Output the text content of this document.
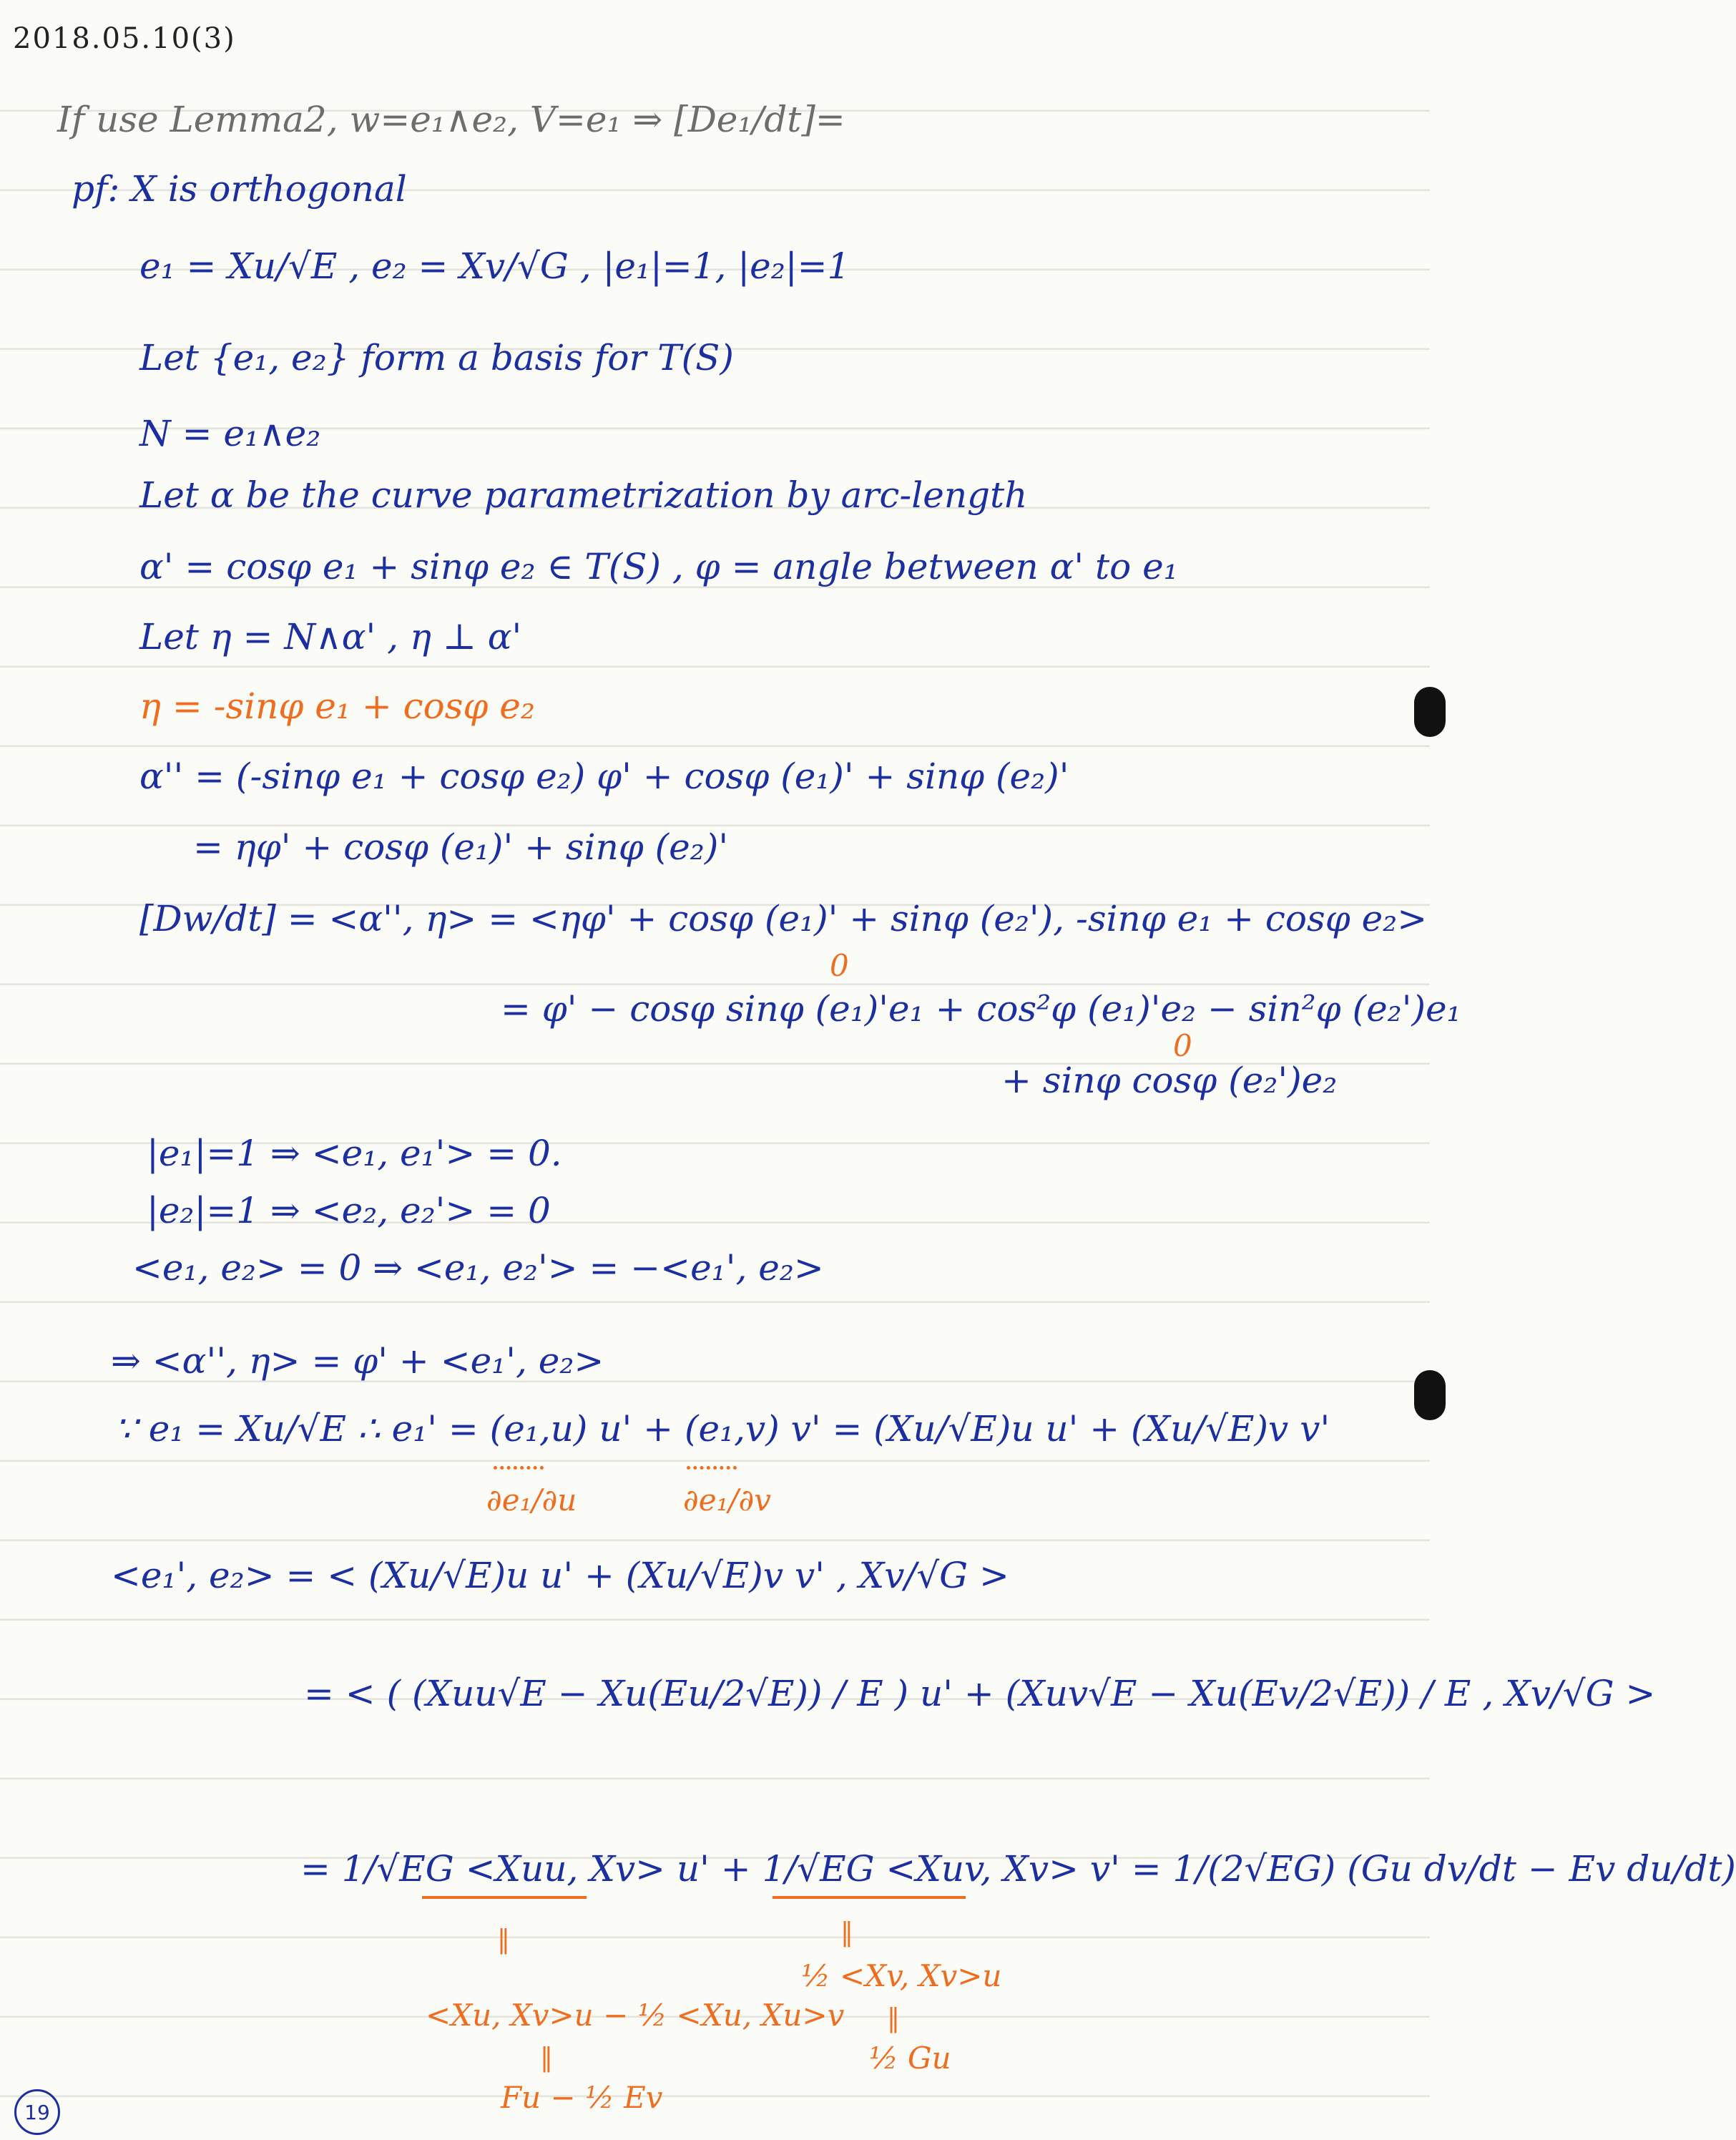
2018.05.10(3)
If use Lemma2, w=e₁∧e₂, V=e₁ ⇒ [De₁/dt]=
pf: X is orthogonal
e₁ = Xu/√E , e₂ = Xv/√G , |e₁|=1, |e₂|=1
Let {e₁, e₂} form a basis for T(S)
N = e₁∧e₂
Let α be the curve parametrization by arc-length
α' = cosφ e₁ + sinφ e₂ ∈ T(S) , φ = angle between α' to e₁
Let η = N∧α' , η ⊥ α'
η = -sinφ e₁ + cosφ e₂
α'' = (-sinφ e₁ + cosφ e₂) φ' + cosφ (e₁)' + sinφ (e₂)'
= ηφ' + cosφ (e₁)' + sinφ (e₂)'
[Dw/dt] = <α'', η> = <ηφ' + cosφ (e₁)' + sinφ (e₂'), -sinφ e₁ + cosφ e₂>
0
= φ' − cosφ sinφ (e₁)'e₁ + cos²φ (e₁)'e₂ − sin²φ (e₂')e₁
0
+ sinφ cosφ (e₂')e₂
|e₁|=1 ⇒ <e₁, e₁'> = 0.
|e₂|=1 ⇒ <e₂, e₂'> = 0
<e₁, e₂> = 0 ⇒ <e₁, e₂'> = −<e₁', e₂>
⇒ <α'', η> = φ' + <e₁', e₂>
∵ e₁ = Xu/√E ∴ e₁' = (e₁,u) u' + (e₁,v) v' = (Xu/√E)u u' + (Xu/√E)v v'
∂e₁/∂u	∂e₁/∂v
<e₁', e₂> = < (Xu/√E)u u' + (Xu/√E)v v' , Xv/√G >
= < ( (Xuu√E − Xu(Eu/2√E)) / E ) u' + (Xuv√E − Xu(Ev/2√E)) / E , Xv/√G >
= 1/√EG <Xuu, Xv> u' + 1/√EG <Xuv, Xv> v' = 1/(2√EG) (Gu dv/dt − Ev du/dt)
‖	‖
½ <Xv, Xv>u
<Xu, Xv>u − ½ <Xu, Xu>v ‖
½ Gu
‖
Fu − ½ Ev
19
